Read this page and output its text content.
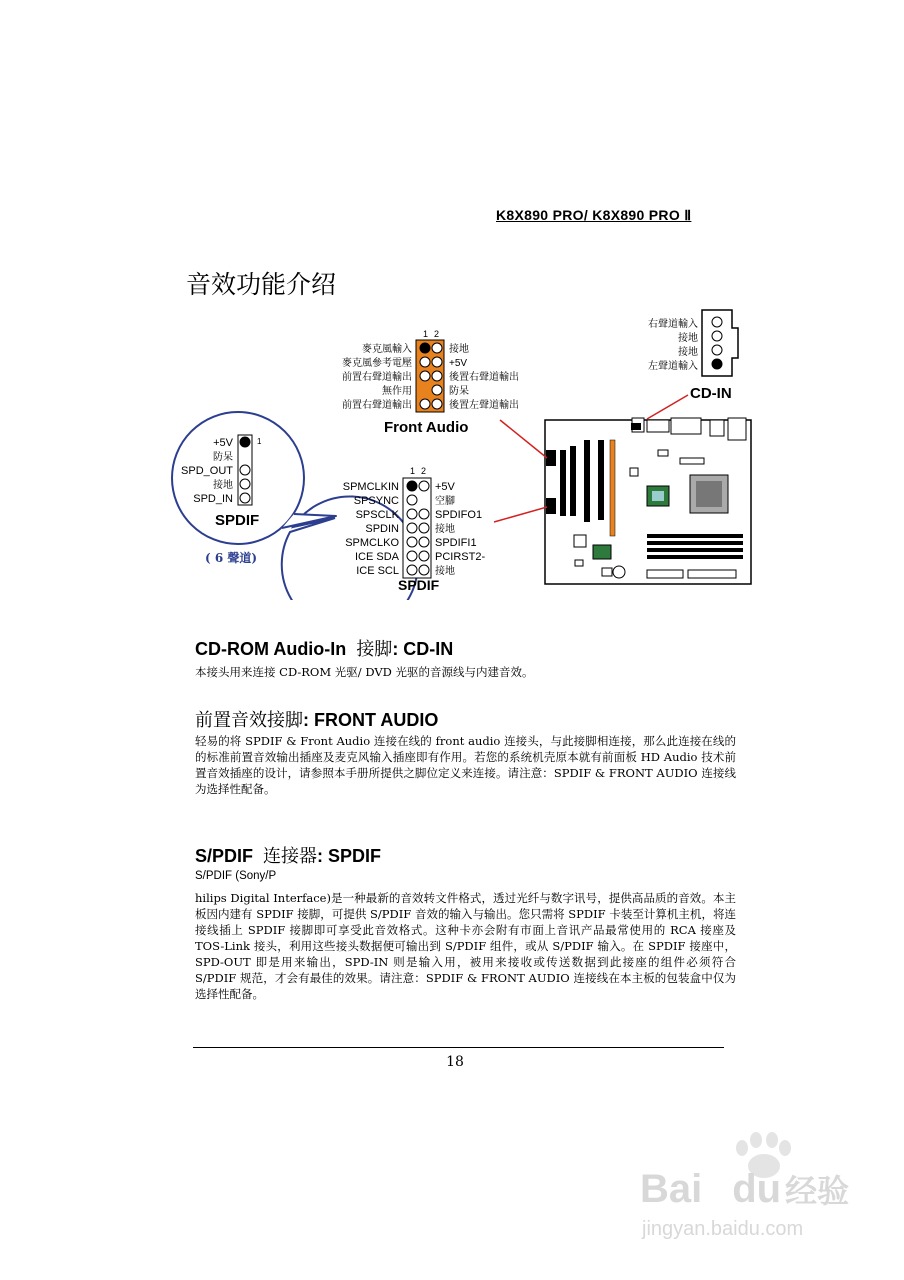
K8X890 PRO/ K8X890 PRO Ⅱ
音效功能介绍
右聲道輸入
接地
接地
左聲道輸入
CD-IN
1 2
麥克風輸入
麥克風參考電壓
前置右聲道輸出
無作用
前置右聲道輸出
接地
+5V
後置右聲道輸出
防呆
後置左聲道輸出
Front Audio
1
+5V
防呆
SPD_OUT
接地
SPD_IN
SPDIF
( 6 聲道)
1 2
SPMCLKIN
SPSYNC
SPSCLK
SPDIN
SPMCLKO
ICE SDA
ICE SCL
+5V
空腳
SPDIFO1
接地
SPDIFI1
PCIRST2-
接地
SPDIF
CD-ROM Audio-In 接脚: CD-IN
本接头用来连接 CD-ROM 光驱/ DVD 光驱的音源线与内建音效。
前置音效接脚: FRONT AUDIO
轻易的将 SPDIF & Front Audio 连接在线的 front audio 连接头，与此接脚相连接，那么此连接在线的的标准前置音效输出插座及麦克风输入插座即有作用。若您的系统机壳原本就有前面板 HD Audio 技术前置音效插座的设计，请参照本手册所提供之脚位定义来连接。请注意：SPDIF & FRONT AUDIO 连接线为选择性配备。
S/PDIF 连接器: SPDIF
S/PDIF (Sony/P
hilips Digital Interface)是一种最新的音效转文件格式，透过光纤与数字讯号，提供高品质的音效。本主板因内建有 SPDIF 接脚，可提供 S/PDIF 音效的输入与输出。您只需将 SPDIF 卡装至计算机主机，将连接线插上 SPDIF 接脚即可享受此音效格式。这种卡亦会附有市面上音讯产品最常使用的 RCA 接座及 TOS-Link 接头，利用这些接头数据便可输出到 S/PDIF 组件，或从 S/PDIF 输入。在 SPDIF 接座中，SPD-OUT 即是用来输出，SPD-IN 则是输入用，被用来接收或传送数据到此接座的组件必须符合 S/PDIF 规范，才会有最佳的效果。请注意：SPDIF & FRONT AUDIO 连接线在本主板的包装盒中仅为选择性配备。
18
Bai du 经验
jingyan.baidu.com
